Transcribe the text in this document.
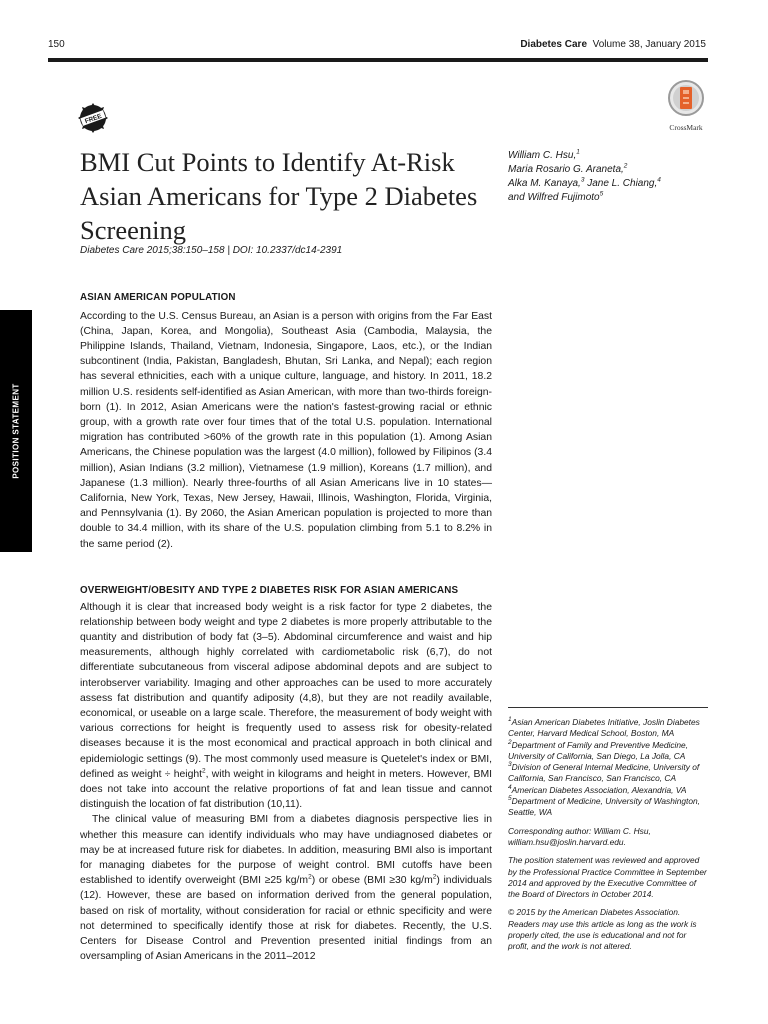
150	Diabetes Care Volume 38, January 2015
FREE
CrossMark
BMI Cut Points to Identify At-Risk Asian Americans for Type 2 Diabetes Screening
Diabetes Care 2015;38:150–158 | DOI: 10.2337/dc14-2391
William C. Hsu,$^1$
Maria Rosario G. Araneta,$^2$
Alka M. Kanaya,$^3$ Jane L. Chiang,$^4$
and Wilfred Fujimoto$^5$
POSITION STATEMENT

ASIAN AMERICAN POPULATION

According to the U.S. Census Bureau, an Asian is a person with origins from the Far East (China, Japan, Korea, and Mongolia), Southeast Asia (Cambodia, Malaysia, the Philippine Islands, Thailand, Vietnam, Indonesia, Singapore, Laos, etc.), or the Indian subcontinent (India, Pakistan, Bangladesh, Bhutan, Sri Lanka, and Nepal); each region has several ethnicities, each with a unique culture, language, and history. In 2011, 18.2 million U.S. residents self-identified as Asian American, with more than two-thirds foreign-born (1). In 2012, Asian Americans were the nation's fastest-growing racial or ethnic group, with a growth rate over four times that of the total U.S. population. International migration has contributed >60% of the growth rate in this population (1). Among Asian Americans, the Chinese population was the largest (4.0 million), followed by Filipinos (3.4 million), Asian Indians (3.2 million), Vietnamese (1.9 million), Koreans (1.7 million), and Japanese (1.3 million). Nearly three-fourths of all Asian Americans live in 10 states—California, New York, Texas, New Jersey, Hawaii, Illinois, Washington, Florida, Virginia, and Pennsylvania (1). By 2060, the Asian American population is projected to more than double to 34.4 million, with its share of the U.S. population climbing from 5.1 to 8.2% in the same period (2).

OVERWEIGHT/OBESITY AND TYPE 2 DIABETES RISK FOR ASIAN AMERICANS

Although it is clear that increased body weight is a risk factor for type 2 diabetes, the relationship between body weight and type 2 diabetes is more properly attributable to the quantity and distribution of body fat (3–5). Abdominal circumference and waist and hip measurements, although highly correlated with cardiometabolic risk (6,7), do not differentiate subcutaneous from visceral adipose abdominal depots and are subject to interobserver variability. Imaging and other approaches can be used to more accurately assess fat distribution and quantify adiposity (4,8), but they are not readily available, economical, or useable on a large scale. Therefore, the measurement of body weight with various corrections for height is frequently used to assess risk for obesity-related diseases because it is the most economical and practical approach in both clinical and epidemiologic settings (9). The most commonly used measure is Quetelet's index or BMI, defined as weight ÷ height$^2$, with weight in kilograms and height in meters. However, BMI does not take into account the relative proportions of fat and lean tissue and cannot distinguish the location of fat distribution (10,11).

The clinical value of measuring BMI from a diabetes diagnosis perspective lies in whether this measure can identify individuals who may have undiagnosed diabetes or may be at increased future risk for diabetes. In addition, measuring BMI also is important for managing diabetes for the purpose of weight control. BMI cutoffs have been established to identify overweight (BMI ≥25 $kg/m^2$) or obese (BMI ≥30 $kg/m^2$) individuals (12). However, these are based on information derived from the general population, based on risk of mortality, without consideration for racial or ethnic specificity and were not determined to specifically identify those at risk for diabetes. Recently, the U.S. Centers for Disease Control and Prevention presented initial findings from an oversampling of Asian Americans in the 2011–2012

$^1$Asian American Diabetes Initiative, Joslin Diabetes Center, Harvard Medical School, Boston, MA

$^2$Department of Family and Preventive Medicine, University of California, San Diego, La Jolla, CA

$^3$Division of General Internal Medicine, University of California, San Francisco, San Francisco, CA

$^4$American Diabetes Association, Alexandria, VA

$^5$Department of Medicine, University of Washington, Seattle, WA

Corresponding author: William C. Hsu, william.hsu@joslin.harvard.edu.

The position statement was reviewed and approved by the Professional Practice Committee in September 2014 and approved by the Executive Committee of the Board of Directors in October 2014.

© 2015 by the American Diabetes Association. Readers may use this article as long as the work is properly cited, the use is educational and not for profit, and the work is not altered.
